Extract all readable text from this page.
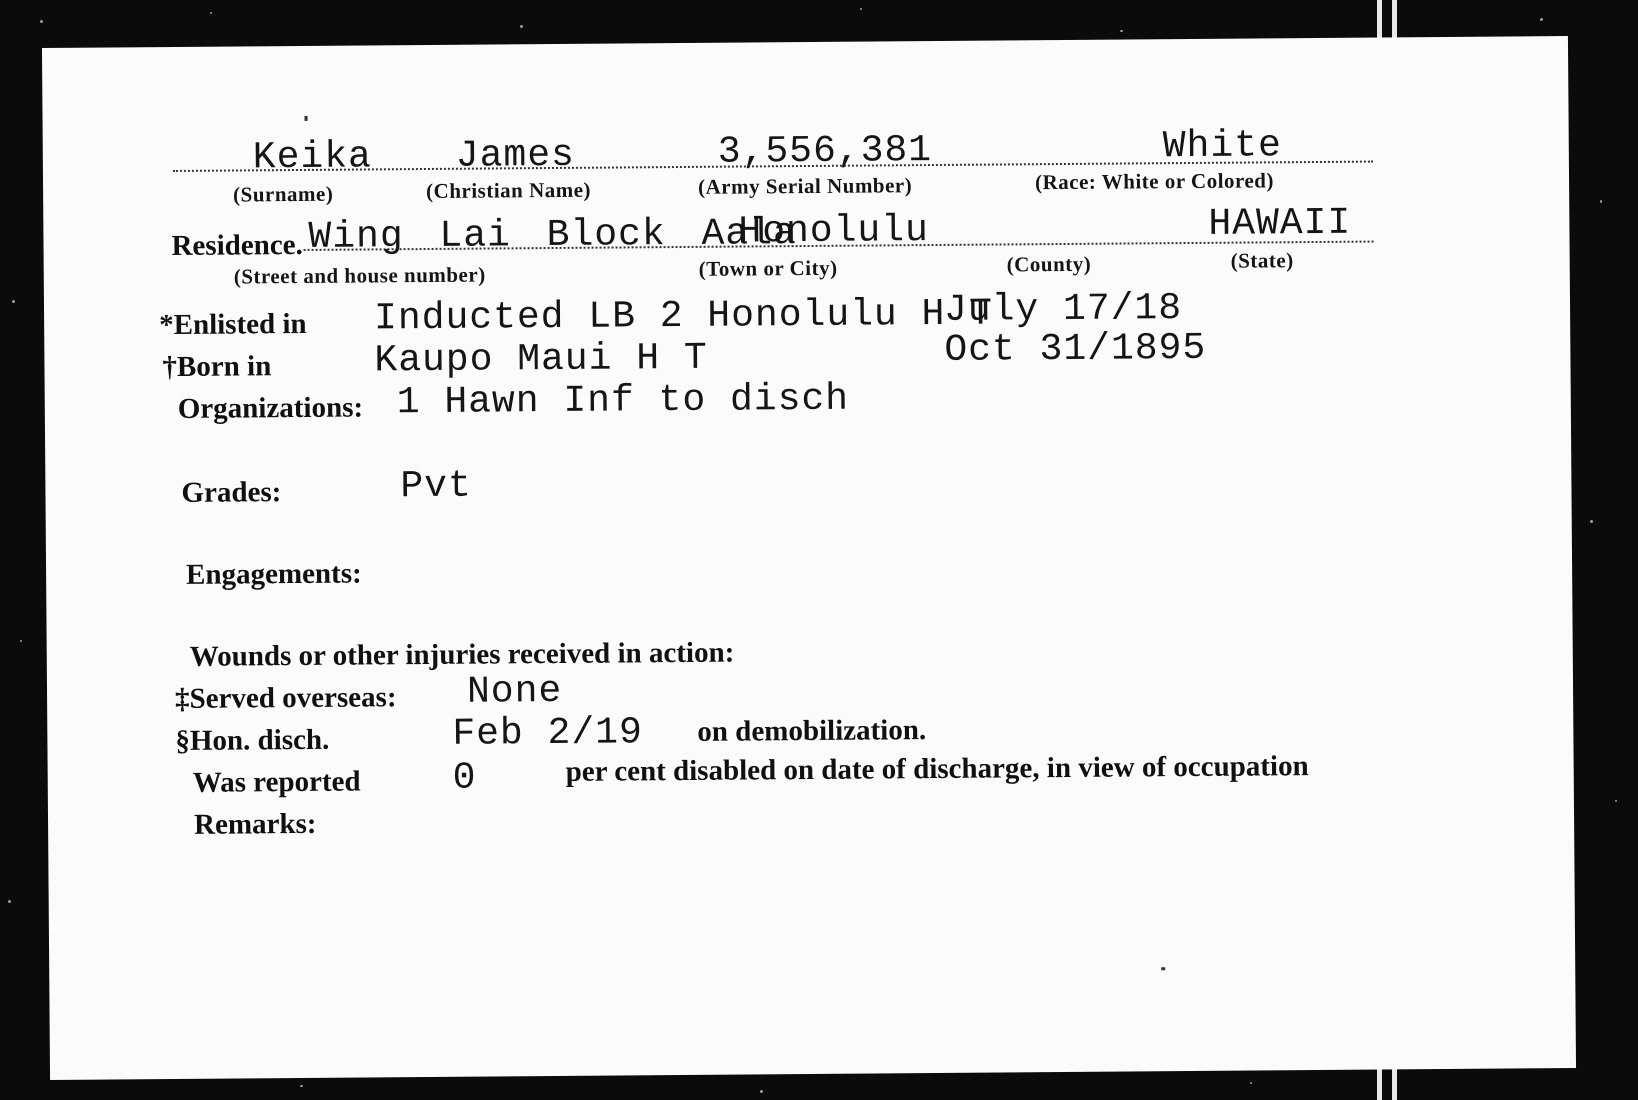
Keika James	3,556,381	White
(Surname)	(Christian Name)	(Army Serial Number)	(Race: White or Colored)
Residence. Wing Lai Block Aala
Honolulu	HAWAII
(Street and house number)	(Town or City)	(County)	(State)
*Enlisted in Inducted LB 2 Honolulu H T
July 17/18
†Born in	Kaupo Maui H T	Oct 31/1895
Organizations: 1 Hawn Inf to disch
Grades:	Pvt
Engagements:
Wounds or other injuries received in action:
‡Served overseas: None
§Hon. disch.	Feb 2/19 on demobilization.
Was reported 0	per cent disabled on date of discharge, in view of occupation
Remarks:
